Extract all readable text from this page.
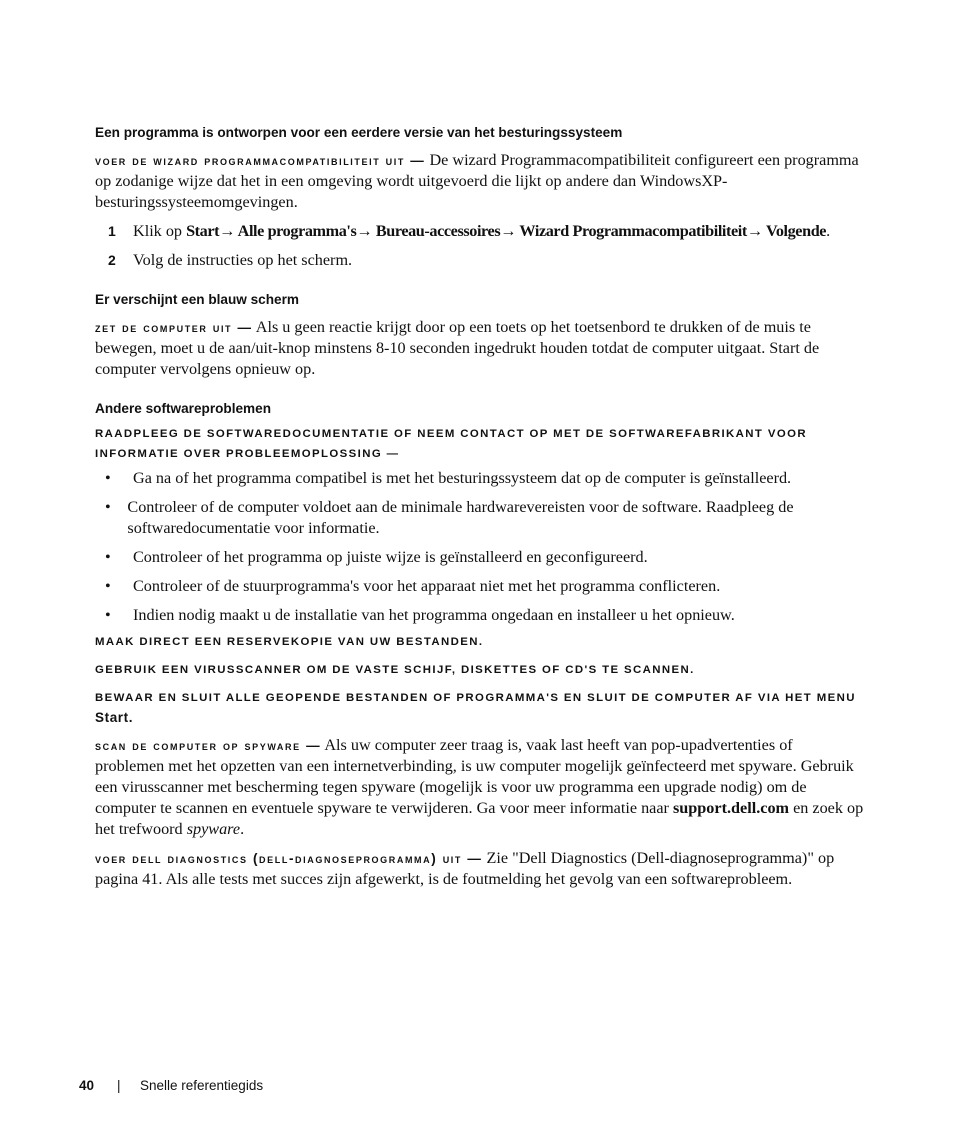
Een programma is ontworpen voor een eerdere versie van het besturingssysteem

voer de wizard programmacompatibiliteit uit — De wizard Programmacompatibiliteit configureert een programma op zodanige wijze dat het in een omgeving wordt uitgevoerd die lijkt op andere dan WindowsXP-besturingssysteemomgevingen.

1	Klik op Start→ Alle programma's→ Bureau-accessoires→ Wizard Programmacompatibiliteit→ Volgende.
2	Volg de instructies op het scherm.
Er verschijnt een blauw scherm

zet de computer uit — Als u geen reactie krijgt door op een toets op het toetsenbord te drukken of de muis te bewegen, moet u de aan/uit-knop minstens 8-10 seconden ingedrukt houden totdat de computer uitgaat. Start de computer vervolgens opnieuw op.

Andere softwareproblemen

RAADPLEEG DE SOFTWAREDOCUMENTATIE OF NEEM CONTACT OP MET DE SOFTWAREFABRIKANT VOOR
INFORMATIE OVER PROBLEEMOPLOSSING —

•	Ga na of het programma compatibel is met het besturingssysteem dat op de computer is geïnstalleerd.
•	Controleer of de computer voldoet aan de minimale hardwarevereisten voor de software. Raadpleeg de softwaredocumentatie voor informatie.
•	Controleer of het programma op juiste wijze is geïnstalleerd en geconfigureerd.
•	Controleer of de stuurprogramma's voor het apparaat niet met het programma conflicteren.
•	Indien nodig maakt u de installatie van het programma ongedaan en installeer u het opnieuw.

MAAK DIRECT EEN RESERVEKOPIE VAN UW BESTANDEN.

GEBRUIK EEN VIRUSSCANNER OM DE VASTE SCHIJF, DISKETTES OF CD'S TE SCANNEN.

BEWAAR EN SLUIT ALLE GEOPENDE BESTANDEN OF PROGRAMMA'S EN SLUIT DE COMPUTER AF VIA HET MENU Start.

scan de computer op spyware — Als uw computer zeer traag is, vaak last heeft van pop-upadvertenties of problemen met het opzetten van een internetverbinding, is uw computer mogelijk geïnfecteerd met spyware. Gebruik een virusscanner met bescherming tegen spyware (mogelijk is voor uw programma een upgrade nodig) om de computer te scannen en eventuele spyware te verwijderen. Ga voor meer informatie naar support.dell.com en zoek op het trefwoord spyware.

voer dell diagnostics (dell-diagnoseprogramma) uit — Zie "Dell Diagnostics (Dell-diagnoseprogramma)" op pagina 41. Als alle tests met succes zijn afgewerkt, is de foutmelding het gevolg van een softwareprobleem.

40 | Snelle referentiegids
